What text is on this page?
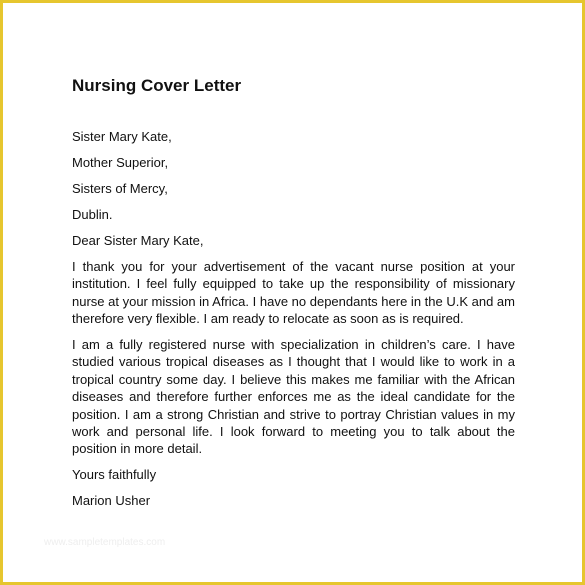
Nursing Cover Letter

Sister Mary Kate,

Mother Superior,

Sisters of Mercy,

Dublin.

Dear Sister Mary Kate,

I thank you for your advertisement of the vacant nurse position at your institution. I feel fully equipped to take up the responsibility of missionary nurse at your mission in Africa. I have no dependants here in the U.K and am therefore very flexible. I am ready to relocate as soon as is required.

I am a fully registered nurse with specialization in children’s care. I have studied various tropical diseases as I thought that I would like to work in a tropical country some day. I believe this makes me familiar with the African diseases and therefore further enforces me as the ideal candidate for the position. I am a strong Christian and strive to portray Christian values in my work and personal life. I look forward to meeting you to talk about the position in more detail.

Yours faithfully

Marion Usher

www.sampletemplates.com
